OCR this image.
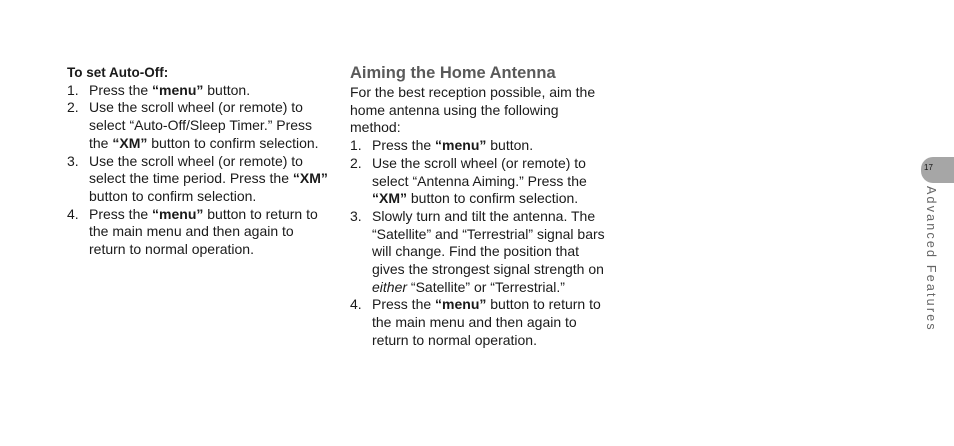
To set Auto-Off:
1. Press the “menu” button.
2. Use the scroll wheel (or remote) to select “Auto-Off/Sleep Timer.” Press the “XM” button to confirm selection.
3. Use the scroll wheel (or remote) to select the time period. Press the “XM” button to confirm selection.
4. Press the “menu” button to return to the main menu and then again to return to normal operation.
Aiming the Home Antenna

For the best reception possible, aim the home antenna using the following method:

1. Press the “menu” button.
2. Use the scroll wheel (or remote) to select “Antenna Aiming.” Press the “XM” button to confirm selection.
3. Slowly turn and tilt the antenna. The “Satellite” and “Terrestrial” signal bars will change. Find the position that gives the strongest signal strength on either “Satellite” or “Terrestrial.”
4. Press the “menu” button to return to the main menu and then again to return to normal operation.
17
Advanced Features
